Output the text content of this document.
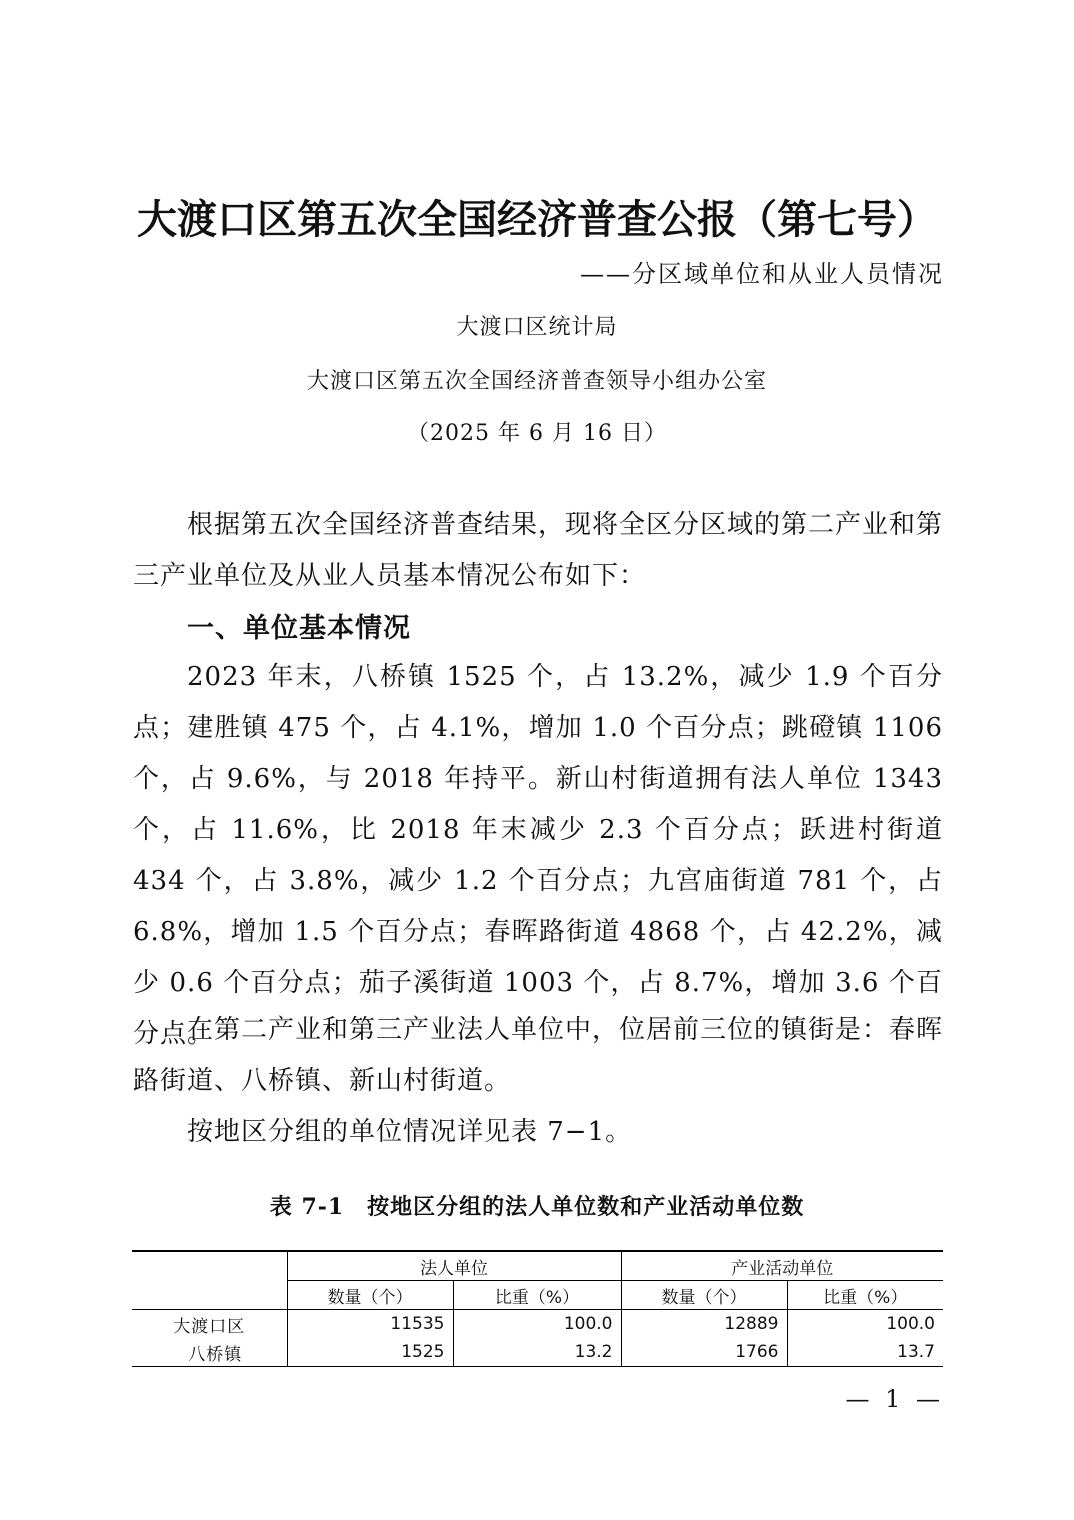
大渡口区第五次全国经济普查公报（第七号）
——分区域单位和从业人员情况
大渡口区统计局
大渡口区第五次全国经济普查领导小组办公室
（2025 年 6 月 16 日）
根据第五次全国经济普查结果，现将全区分区域的第二产业和第三产业单位及从业人员基本情况公布如下：
一、单位基本情况
2023 年末，八桥镇 1525 个，占 13.2%，减少 1.9 个百分点；建胜镇 475 个，占 4.1%，增加 1.0 个百分点；跳磴镇 1106 个，占 9.6%，与 2018 年持平。新山村街道拥有法人单位 1343 个，占 11.6%，比 2018 年末减少 2.3 个百分点；跃进村街道 434 个，占 3.8%，减少 1.2 个百分点；九宫庙街道 781 个，占 6.8%，增加 1.5 个百分点；春晖路街道 4868 个，占 42.2%，减少 0.6 个百分点；茄子溪街道 1003 个，占 8.7%，增加 3.6 个百分点。
在第二产业和第三产业法人单位中，位居前三位的镇街是：春晖路街道、八桥镇、新山村街道。
按地区分组的单位情况详见表 7−1。
表 7-1　按地区分组的法人单位数和产业活动单位数
	法人单位		产业活动单位	
	数量（个）	比重（%）	数量（个）	比重（%）
大渡口区	11535	100.0	12889	100.0
八桥镇	1525	13.2	1766	13.7
— 1 —
